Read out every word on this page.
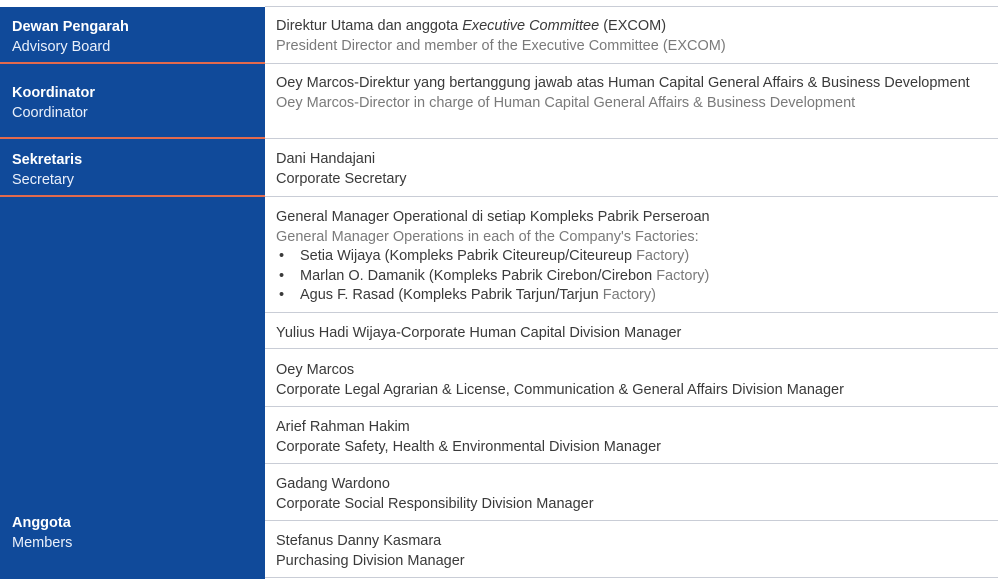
Dewan Pengarah
Advisory Board
Direktur Utama dan anggota Executive Committee (EXCOM)
President Director and member of the Executive Committee (EXCOM)
Koordinator
Coordinator
Oey Marcos-Direktur yang bertanggung jawab atas Human Capital General Affairs & Business Development
Oey Marcos-Director in charge of Human Capital General Affairs & Business Development
Sekretaris
Secretary
Dani Handajani
Corporate Secretary
Anggota
Members
General Manager Operational di setiap Kompleks Pabrik Perseroan
General Manager Operations in each of the Company's Factories:
• Setia Wijaya (Kompleks Pabrik Citeureup/Citeureup Factory)
• Marlan O. Damanik (Kompleks Pabrik Cirebon/Cirebon Factory)
• Agus F. Rasad (Kompleks Pabrik Tarjun/Tarjun Factory)
Yulius Hadi Wijaya-Corporate Human Capital Division Manager
Oey Marcos
Corporate Legal Agrarian & License, Communication & General Affairs Division Manager
Arief Rahman Hakim
Corporate Safety, Health & Environmental Division Manager
Gadang Wardono
Corporate Social Responsibility Division Manager
Stefanus Danny Kasmara
Purchasing Division Manager
